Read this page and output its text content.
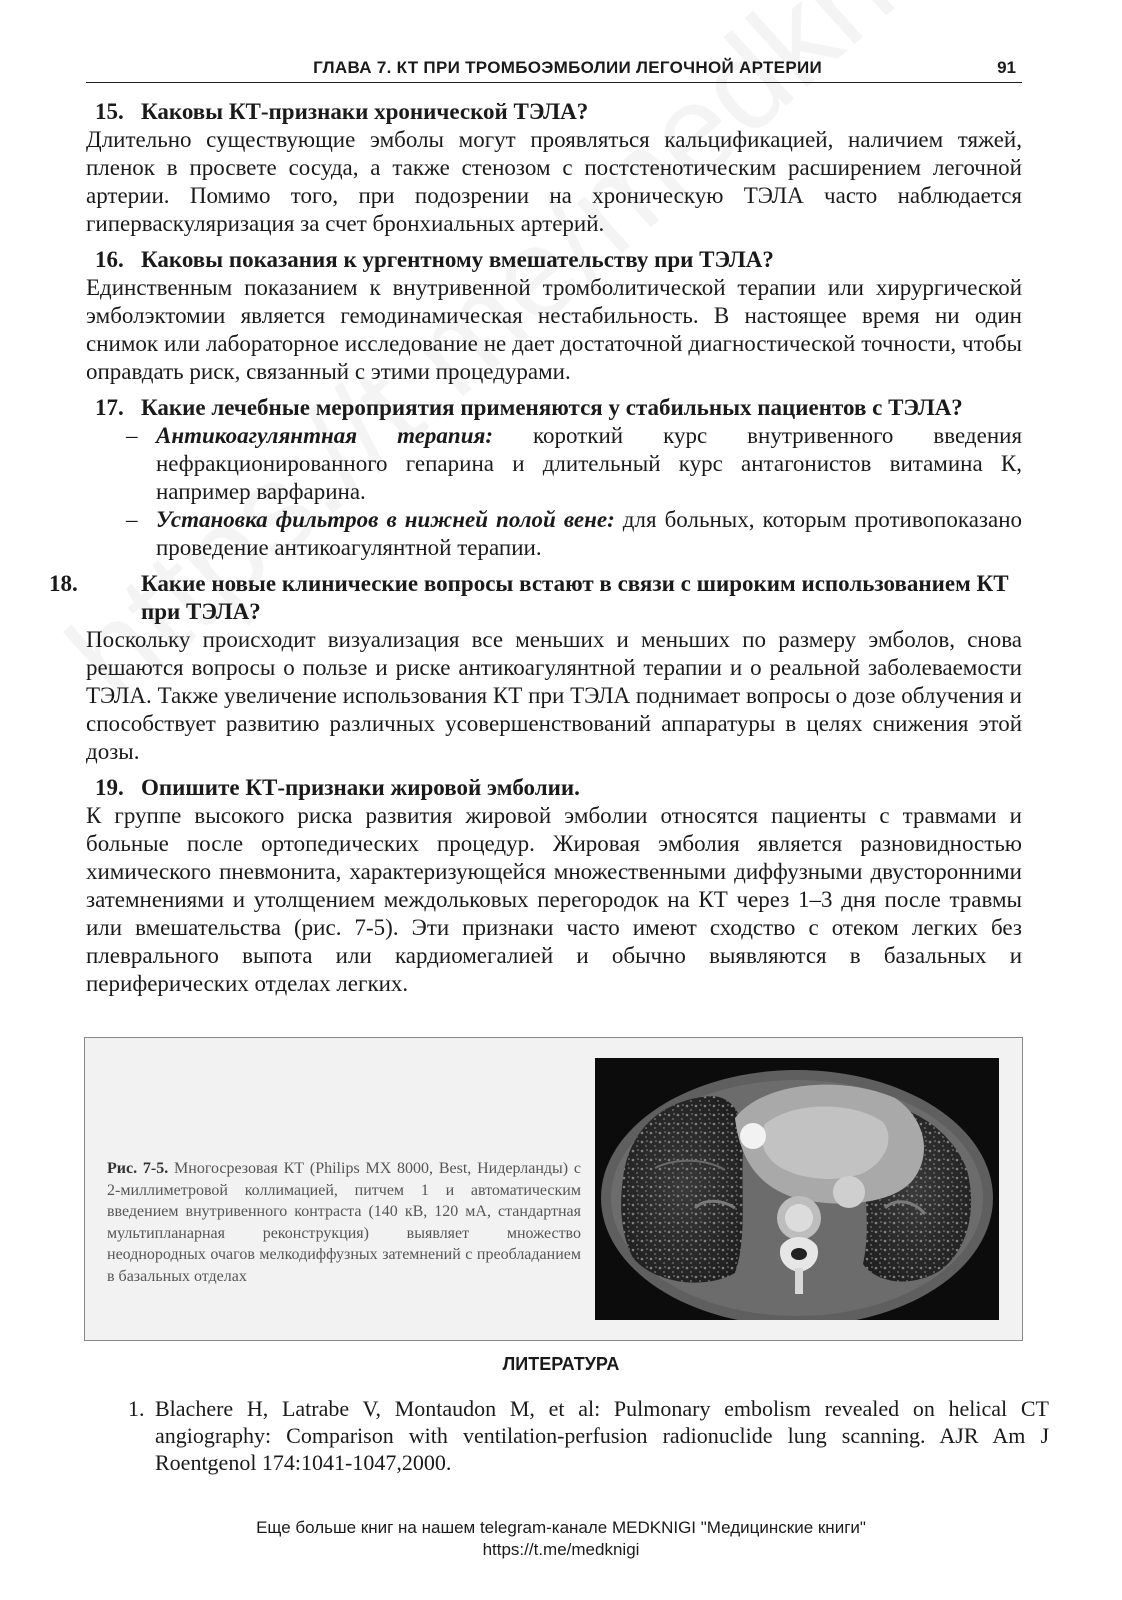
ГЛАВА 7. КТ ПРИ ТРОМБОЭМБОЛИИ ЛЕГОЧНОЙ АРТЕРИИ	91

15. Каковы КТ-признаки хронической ТЭЛА?

Длительно существующие эмболы могут проявляться кальцификацией, наличием тяжей, пленок в просвете сосуда, а также стенозом с постстенотическим расширением легочной артерии. Помимо того, при подозрении на хроническую ТЭЛА часто наблюдается гиперваскуляризация за счет бронхиальных артерий.

16. Каковы показания к ургентному вмешательству при ТЭЛА?

Единственным показанием к внутривенной тромболитической терапии или хирургической эмболэктомии является гемодинамическая нестабильность. В настоящее время ни один снимок или лабораторное исследование не дает достаточной диагностической точности, чтобы оправдать риск, связанный с этими процедурами.

17. Какие лечебные мероприятия применяются у стабильных пациентов с ТЭЛА?

– Антикоагулянтная терапия: короткий курс внутривенного введения нефракционированного гепарина и длительный курс антагонистов витамина К, например варфарина.

– Установка фильтров в нижней полой вене: для больных, которым противопоказано проведение антикоагулянтной терапии.

18.	Какие новые клинические вопросы встают в связи с широким использованием КТ при ТЭЛА?

Поскольку происходит визуализация все меньших и меньших по размеру эмболов, снова решаются вопросы о пользе и риске антикоагулянтной терапии и о реальной заболеваемости ТЭЛА. Также увеличение использования КТ при ТЭЛА поднимает вопросы о дозе облучения и способствует развитию различных усовершенствований аппаратуры в целях снижения этой дозы.

19. Опишите КТ-признаки жировой эмболии.

К группе высокого риска развития жировой эмболии относятся пациенты с травмами и больные после ортопедических процедур. Жировая эмболия является разновидностью химического пневмонита, характеризующейся множественными диффузными двусторонними затемнениями и утолщением междольковых перегородок на КТ через 1–3 дня после травмы или вмешательства (рис. 7-5). Эти признаки часто имеют сходство с отеком легких без плеврального выпота или кардиомегалией и обычно выявляются в базальных и периферических отделах легких.

Рис. 7-5. Многосрезовая КТ (Philips MX 8000, Best, Нидерланды) с 2-миллиметровой коллимацией, питчем 1 и автоматическим введением внутривенного контраста (140 кВ, 120 мА, стандартная мультипланарная реконструкция) выявляет множество неоднородных очагов мелкодиффузных затемнений с преобладанием в базальных отделах
ЛИТЕРАТУРА
1. Blachere H, Latrabe V, Montaudon M, et al: Pulmonary embolism revealed on helical CT angiography: Comparison with ventilation-perfusion radionuclide lung scanning. AJR Am J Roentgenol 174:1041-1047,2000.
Еще больше книг на нашем telegram-канале MEDKNIGI "Медицинские книги"
https://t.me/medknigi
